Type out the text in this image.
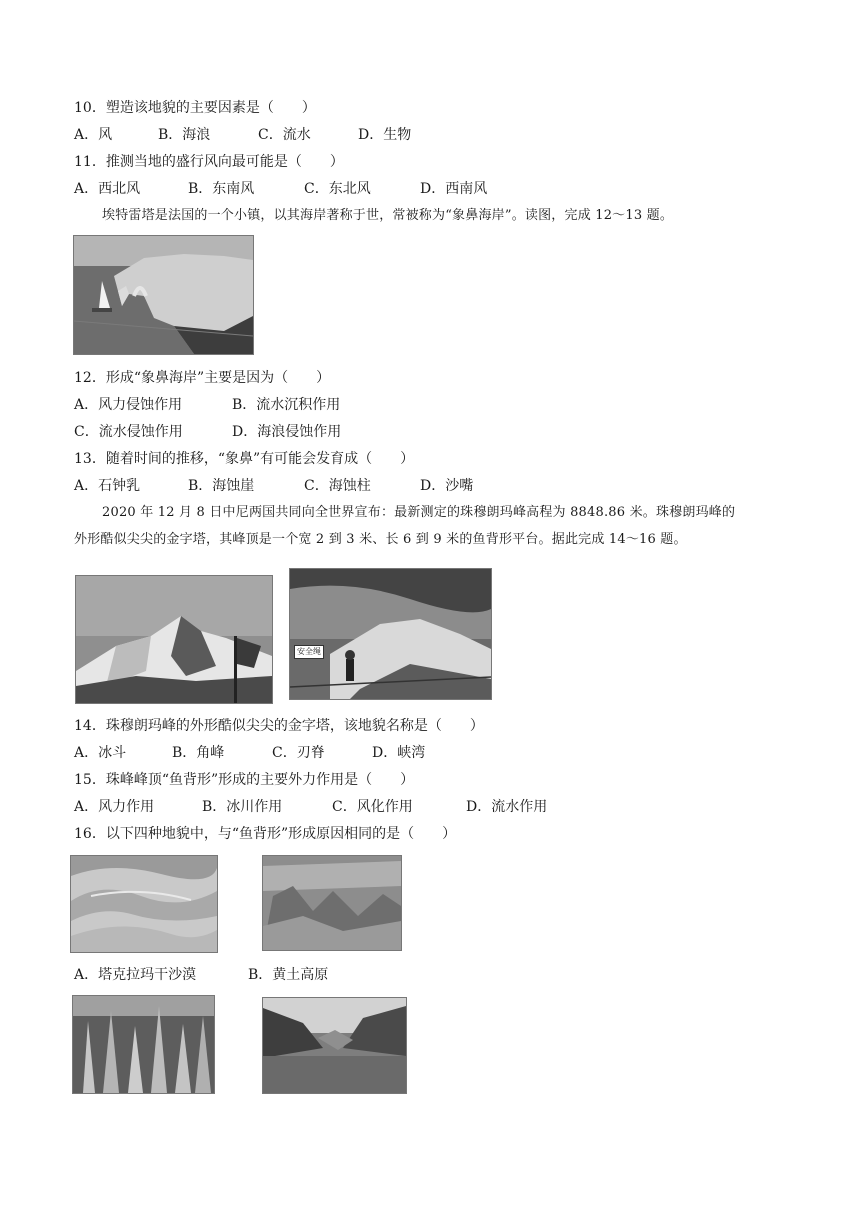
10．塑造该地貌的主要因素是（　　）
A．风	B．海浪	C．流水	D．生物
11．推测当地的盛行风向最可能是（　　）
A．西北风	B．东南风	C．东北风	D．西南风
埃特雷塔是法国的一个小镇，以其海岸著称于世，常被称为“象鼻海岸”。读图，完成 12～13 题。
12．形成“象鼻海岸”主要是因为（　　）
A．风力侵蚀作用	B．流水沉积作用
C．流水侵蚀作用	D．海浪侵蚀作用
13．随着时间的推移，“象鼻”有可能会发育成（　　）
A．石钟乳	B．海蚀崖	C．海蚀柱	D．沙嘴
2020 年 12 月 8 日中尼两国共同向全世界宣布：最新测定的珠穆朗玛峰高程为 8848.86 米。珠穆朗玛峰的
外形酷似尖尖的金字塔，其峰顶是一个宽 2 到 3 米、长 6 到 9 米的鱼背形平台。据此完成 14～16 题。
安全绳
14．珠穆朗玛峰的外形酷似尖尖的金字塔，该地貌名称是（　　）
A．冰斗	B．角峰	C．刃脊	D．峡湾
15．珠峰峰顶“鱼背形”形成的主要外力作用是（　　）
A．风力作用	B．冰川作用	C．风化作用	D．流水作用
16．以下四种地貌中，与“鱼背形”形成原因相同的是（　　）
A．塔克拉玛干沙漠	B．黄土高原
